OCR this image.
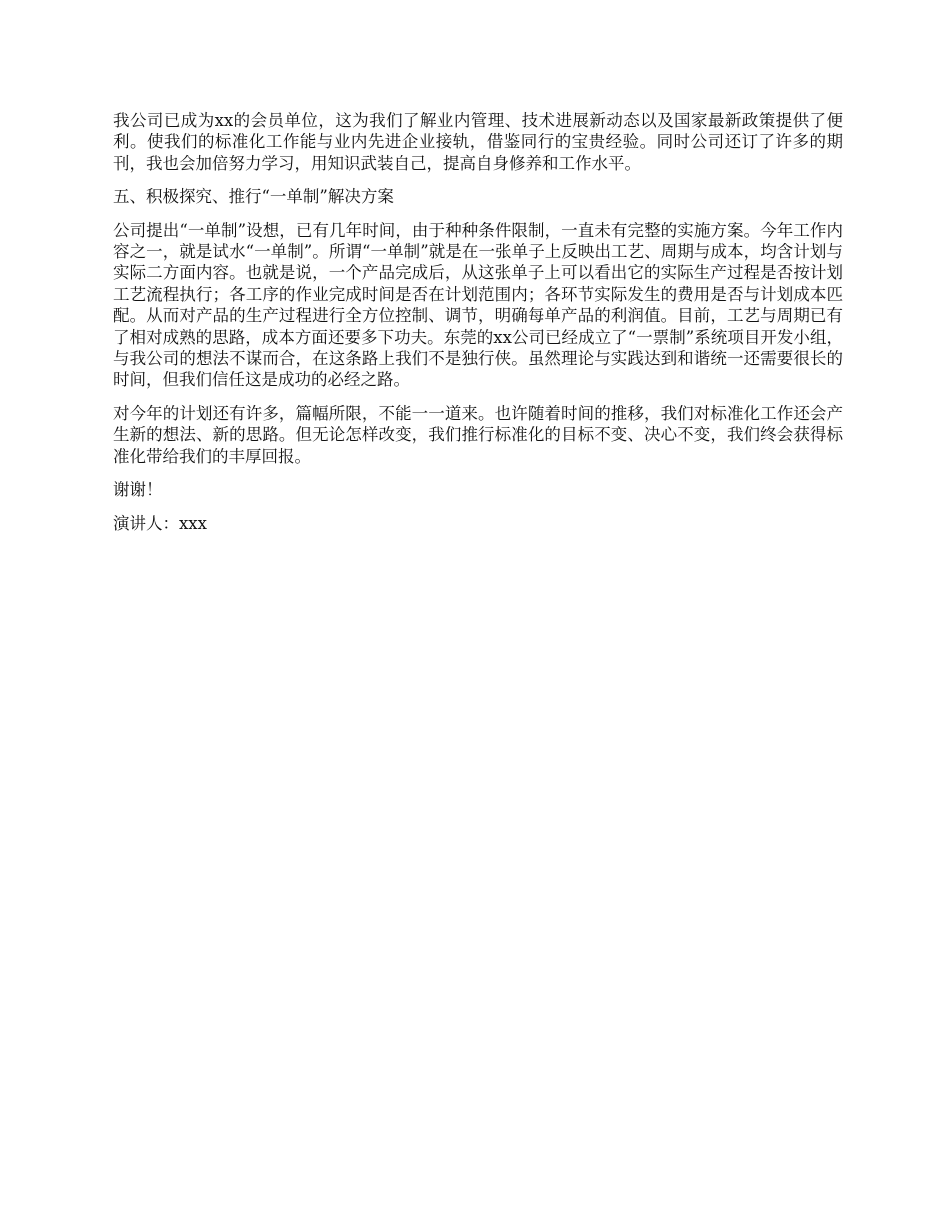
我公司已成为xx的会员单位，这为我们了解业内管理、技术进展新动态以及国家最新政策提供了便利。使我们的标准化工作能与业内先进企业接轨，借鉴同行的宝贵经验。同时公司还订了许多的期刊，我也会加倍努力学习，用知识武装自己，提高自身修养和工作水平。

五、积极探究、推行“一单制”解决方案

公司提出“一单制”设想，已有几年时间，由于种种条件限制，一直未有完整的实施方案。今年工作内容之一，就是试水“一单制”。所谓“一单制”就是在一张单子上反映出工艺、周期与成本，均含计划与实际二方面内容。也就是说，一个产品完成后，从这张单子上可以看出它的实际生产过程是否按计划工艺流程执行；各工序的作业完成时间是否在计划范围内；各环节实际发生的费用是否与计划成本匹配。从而对产品的生产过程进行全方位控制、调节，明确每单产品的利润值。目前，工艺与周期已有了相对成熟的思路，成本方面还要多下功夫。东莞的xx公司已经成立了“一票制”系统项目开发小组，与我公司的想法不谋而合，在这条路上我们不是独行侠。虽然理论与实践达到和谐统一还需要很长的时间，但我们信任这是成功的必经之路。

对今年的计划还有许多，篇幅所限，不能一一道来。也许随着时间的推移，我们对标准化工作还会产生新的想法、新的思路。但无论怎样改变，我们推行标准化的目标不变、决心不变，我们终会获得标准化带给我们的丰厚回报。

谢谢！

演讲人：xxx
